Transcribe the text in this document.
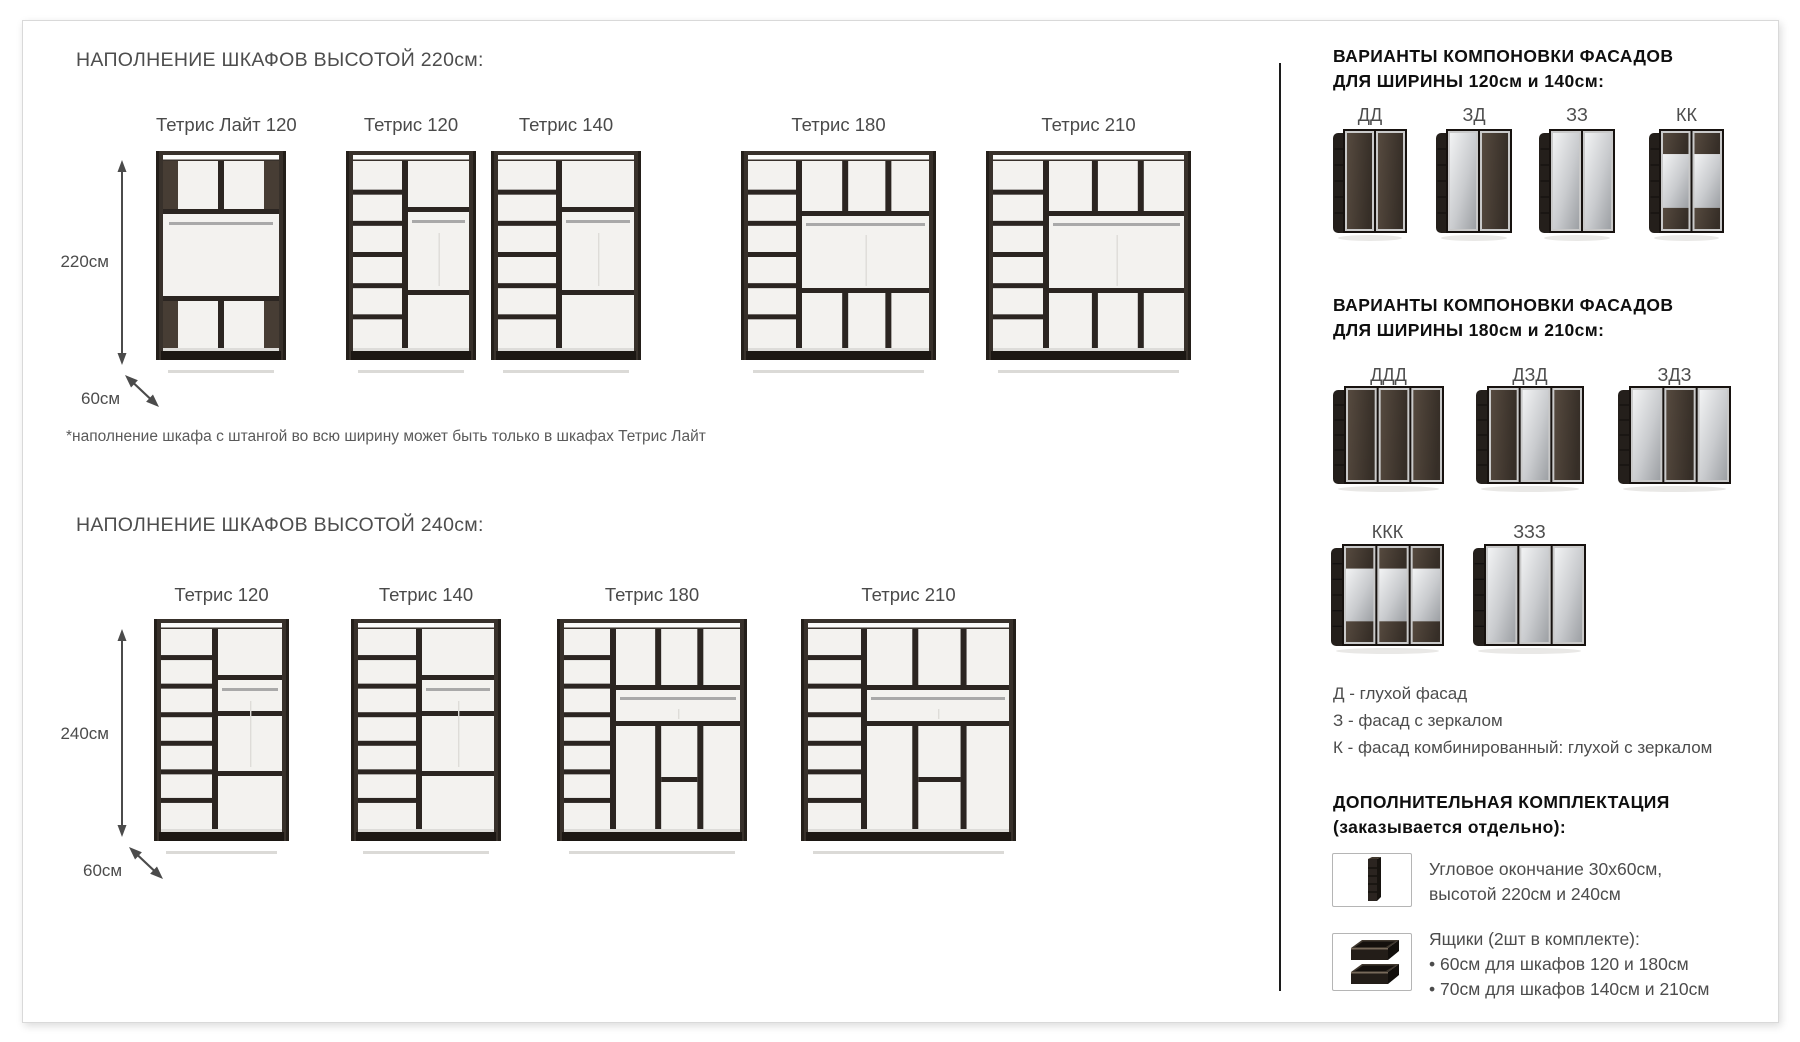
НАПОЛНЕНИЕ ШКАФОВ ВЫСОТОЙ 220см:
Тетрис Лайт 120	Тетрис 120	Тетрис 140	Тетрис 180	Тетрис 210
220см
60см
*наполнение шкафа с штангой во всю ширину может быть только в шкафах Тетрис Лайт
НАПОЛНЕНИЕ ШКАФОВ ВЫСОТОЙ 240см:
Тетрис 120	Тетрис 140	Тетрис 180	Тетрис 210
240см
60см
ВАРИАНТЫ КОМПОНОВКИ ФАСАДОВ
ДЛЯ ШИРИНЫ 120см и 140см:
ДД	ЗД	ЗЗ	КК
ВАРИАНТЫ КОМПОНОВКИ ФАСАДОВ
ДЛЯ ШИРИНЫ 180см и 210см:
ДДД	ДЗД	ЗДЗ
ККК	ЗЗЗ
Д - глухой фасад
З - фасад с зеркалом
К - фасад комбинированный: глухой с зеркалом
ДОПОЛНИТЕЛЬНАЯ КОМПЛЕКТАЦИЯ
(заказывается отдельно):
Угловое окончание 30х60см,
высотой 220см и 240см
Ящики (2шт в комплекте):
• 60см для шкафов 120 и 180см
• 70см для шкафов 140см и 210см
